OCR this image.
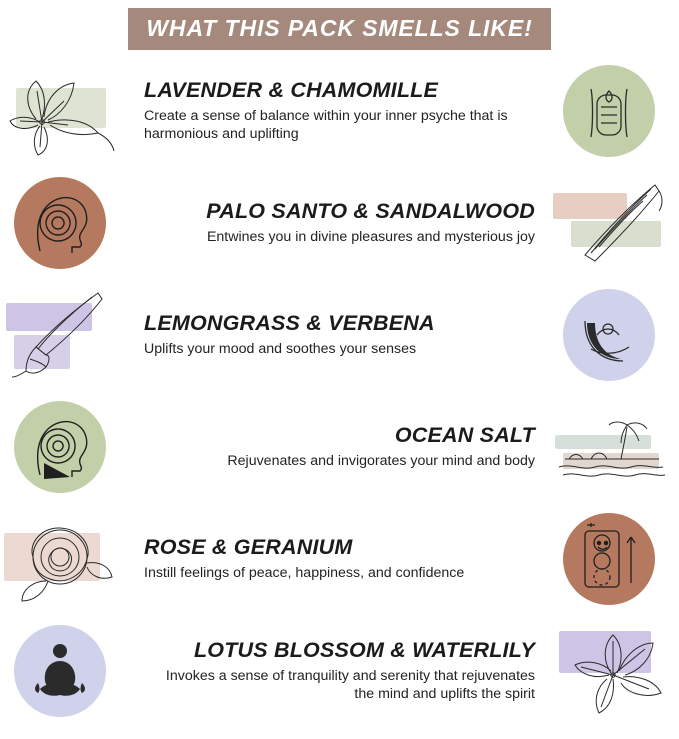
WHAT THIS PACK SMELLS LIKE!
LAVENDER & CHAMOMILLE
Create a sense of balance within your inner psyche that is harmonious and uplifting
PALO SANTO & SANDALWOOD
Entwines you in divine pleasures and mysterious joy
LEMONGRASS & VERBENA
Uplifts your mood and soothes your senses
OCEAN SALT
Rejuvenates and invigorates your mind and body
ROSE & GERANIUM
Instill feelings of peace, happiness, and confidence
LOTUS BLOSSOM & WATERLILY
Invokes a sense of tranquility and serenity that rejuvenates the mind and uplifts the spirit
